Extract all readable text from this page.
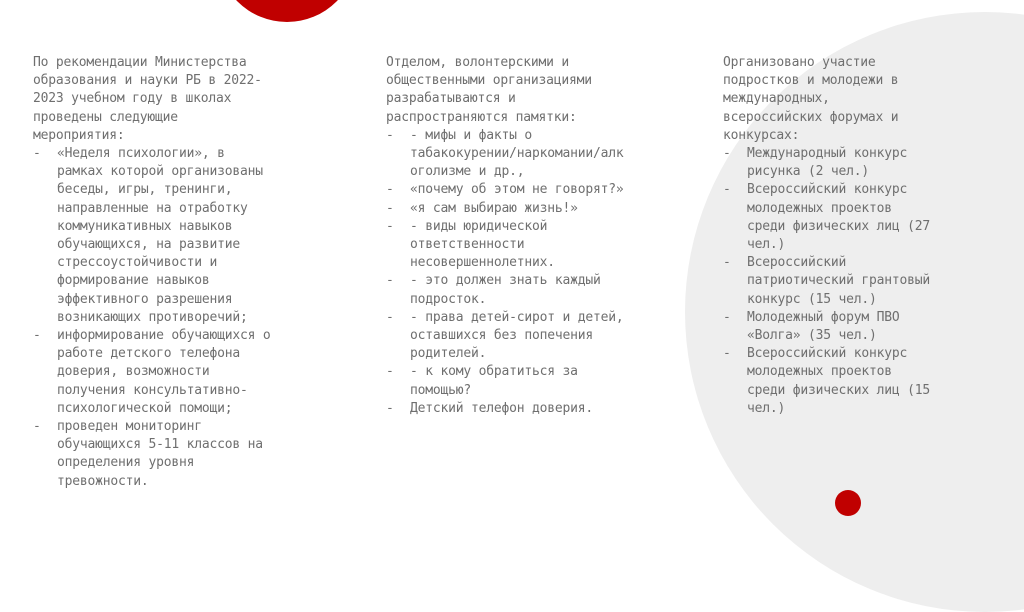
По рекомендации Министерства
образования и науки РБ в 2022-
2023 учебном году в школах
проведены следующие
мероприятия:

- «Неделя психологии», в
рамках которой организованы
беседы, игры, тренинги,
направленные на отработку
коммуникативных навыков
обучающихся, на развитие
стрессоустойчивости и
формирование навыков
эффективного разрешения
возникающих противоречий;
- информирование обучающихся о
работе детского телефона
доверия, возможности
получения консультативно-
психологической помощи;
- проведен мониторинг
обучающихся 5-11 классов на
определения уровня
тревожности.

Отделом, волонтерскими и
общественными организациями
разрабатываются и
распространяются памятки:

- - мифы и факты о
табакокурении/наркомании/алк
оголизме и др.,
- «почему об этом не говорят?»
- «я сам выбираю жизнь!»
- - виды юридической
ответственности
несовершеннолетних.
- - это должен знать каждый
подросток.
- - права детей-сирот и детей,
оставшихся без попечения
родителей.
- - к кому обратиться за
помощью?
- Детский телефон доверия.

Организовано участие
подростков и молодежи в
международных,
всероссийских форумах и
конкурсах:

- Международный конкурс
рисунка (2 чел.)
- Всероссийский конкурс
молодежных проектов
среди физических лиц (27
чел.)
- Всероссийский
патриотический грантовый
конкурс (15 чел.)
- Молодежный форум ПВО
«Волга» (35 чел.)
- Всероссийский конкурс
молодежных проектов
среди физических лиц (15
чел.)
